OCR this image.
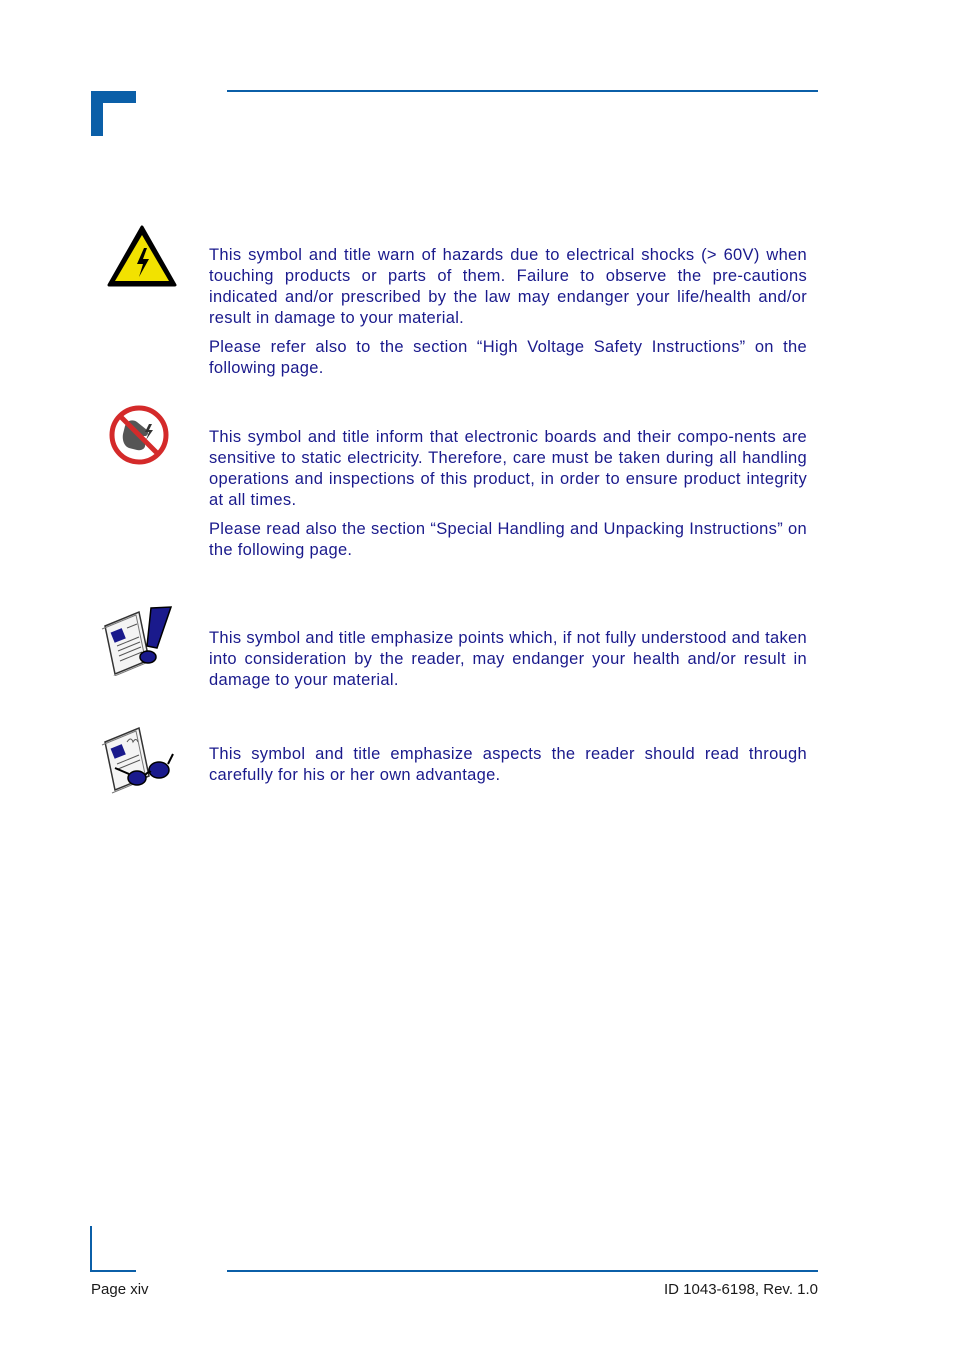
This symbol and title warn of hazards due to electrical shocks (> 60V) when touching products or parts of them. Failure to observe the pre-cautions indicated and/or prescribed by the law may endanger your life/health and/or result in damage to your material.

Please refer also to the section “High Voltage Safety Instructions” on the following page.

This symbol and title inform that electronic boards and their compo-nents are sensitive to static electricity. Therefore, care must be taken during all handling operations and inspections of this product, in order to ensure product integrity at all times.

Please read also the section “Special Handling and Unpacking Instructions” on the following page.

This symbol and title emphasize points which, if not fully understood and taken into consideration by the reader, may endanger your health and/or result in damage to your material.

This symbol and title emphasize aspects the reader should read through carefully for his or her own advantage.

Page xiv	ID 1043-6198, Rev. 1.0
